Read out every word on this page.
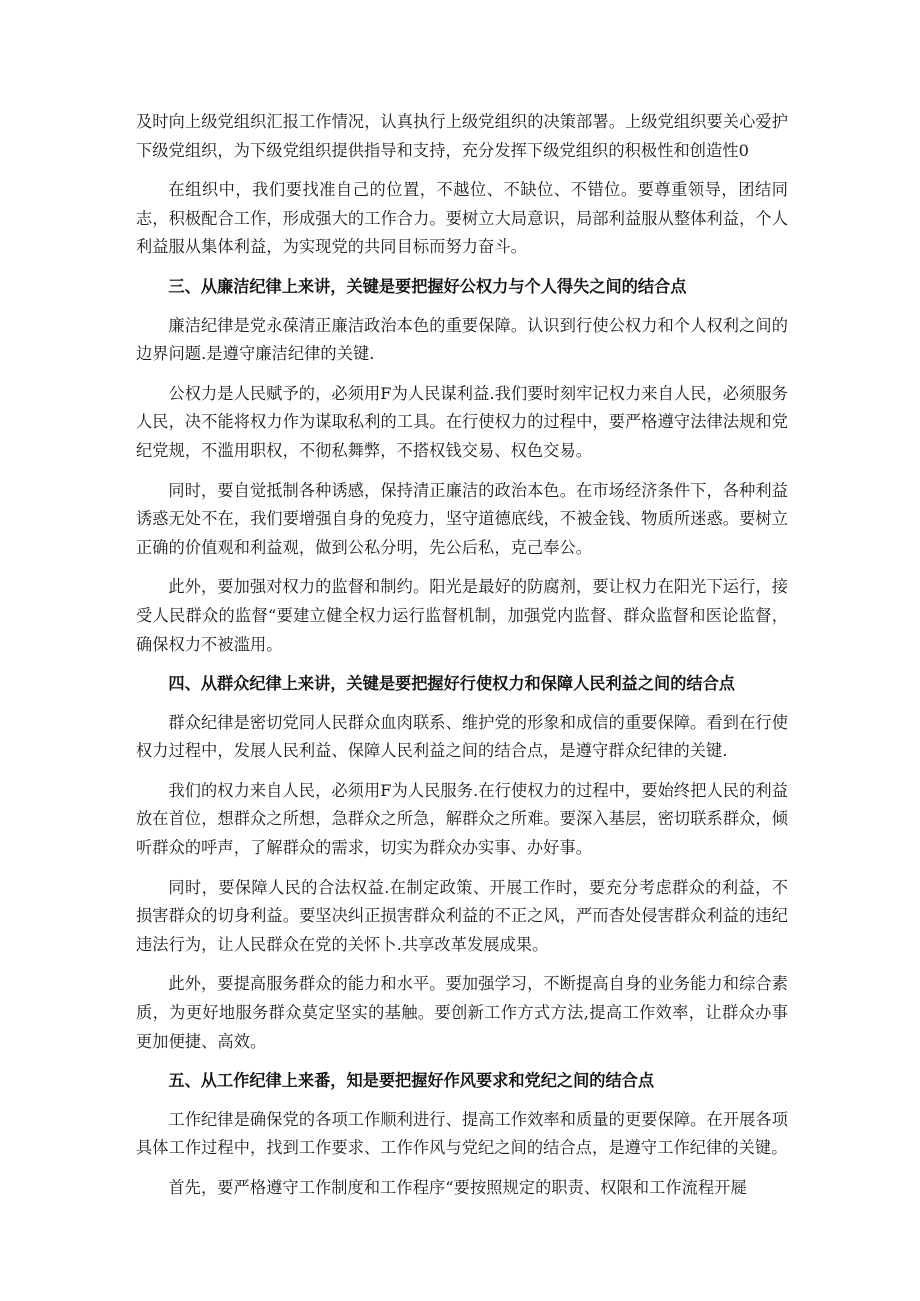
及时向上级党组织汇报工作情况，认真执行上级党组织的决策部署。上级党组织要关心爱护下级党组织，为下级党组织提供指导和支持，充分发挥下级党组织的积极性和创造性0

在组织中，我们要找准自己的位置，不越位、不缺位、不错位。要尊重领导，团结同志，积极配合工作，形成强大的工作合力。要树立大局意识，局部利益服从整体利益，个人利益服从集体利益，为实现党的共同目标而努力奋斗。

三、从廉洁纪律上来讲，关键是要把握好公权力与个人得失之间的结合点

廉洁纪律是党永葆清正廉洁政治本色的重要保障。认识到行使公权力和个人权利之间的边界问题.是遵守廉洁纪律的关键.

公权力是人民赋予的，必须用F为人民谋利益.我们要时刻牢记权力来自人民，必须服务人民，决不能将权力作为谋取私利的工具。在行使权力的过程中，要严格遵守法律法规和党纪党规，不滥用职权，不彻私舞弊，不搭权钱交易、权色交易。

同时，要自觉抵制各种诱感，保持清正廉洁的政治本色。在市场经济条件下，各种利益诱惑无处不在，我们要增强自身的免疫力，坚守道德底线，不被金钱、物质所迷惑。要树立正确的价值观和利益观，做到公私分明，先公后私，克己奉公。

此外，要加强对权力的监督和制约。阳光是最好的防腐剂，要让权力在阳光下运行，接受人民群众的监督“要建立健全权力运行监督机制，加强党内监督、群众监督和医论监督，确保权力不被滥用。

四、从群众纪律上来讲，关键是要把握好行使权力和保障人民利益之间的结合点

群众纪律是密切党同人民群众血肉联系、维护党的形象和成信的重要保障。看到在行使权力过程中，发展人民利益、保障人民利益之间的结合点，是遵守群众纪律的关键.

我们的权力来自人民，必须用F为人民服务.在行使权力的过程中，要始终把人民的利益放在首位，想群众之所想，急群众之所急，解群众之所难。要深入基层，密切联系群众，倾听群众的呼声，了解群众的需求，切实为群众办实事、办好事。

同时，要保障人民的合法权益.在制定政策、开展工作时，要充分考虑群众的利益，不损害群众的切身利益。要坚决纠正损害群众利益的不正之风，严而杳处侵害群众利益的违纪违法行为，让人民群众在党的关怀卜.共享改革发展成果。

此外，要提高服务群众的能力和水平。要加强学习，不断提高自身的业务能力和综合素质，为更好地服务群众莫定坚实的基触。要创新工作方式方法,提高工作效率，让群众办事更加便捷、高效。

五、从工作纪律上来番，知是要把握好作风要求和党纪之间的结合点

工作纪律是确保党的各项工作顺利进行、提高工作效率和质量的更要保障。在开展各项具体工作过程中，找到工作要求、工作作风与党纪之间的结合点，是遵守工作纪律的关键。

首先，要严格遵守工作制度和工作程序“要按照规定的职责、权限和工作流程开屣
